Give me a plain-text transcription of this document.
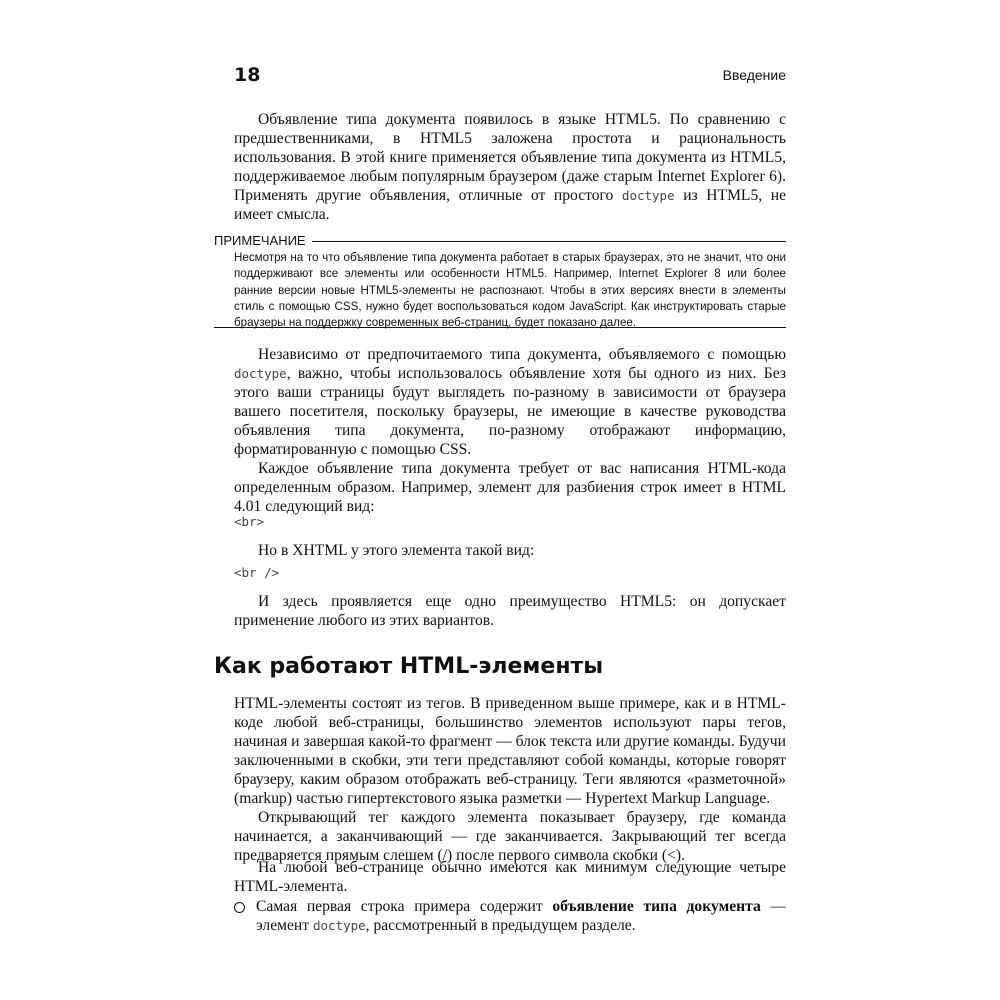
18	Введение

Объявление типа документа появилось в языке HTML5. По сравнению с предшественниками, в HTML5 заложена простота и рациональность использования. В этой книге применяется объявление типа документа из HTML5, поддерживаемое любым популярным браузером (даже старым Internet Explorer 6). Применять другие объявления, отличные от простого doctype из HTML5, не имеет смысла.

ПРИМЕЧАНИЕ

Несмотря на то что объявление типа документа работает в старых браузерах, это не значит, что они поддерживают все элементы или особенности HTML5. Например, Internet Explorer 8 или более ранние версии новые HTML5-элементы не распознают. Чтобы в этих версиях внести в элементы стиль с помощью CSS, нужно будет воспользоваться кодом JavaScript. Как инструктировать старые браузеры на поддержку современных веб-страниц, будет показано далее.

Независимо от предпочитаемого типа документа, объявляемого с помощью doctype, важно, чтобы использовалось объявление хотя бы одного из них. Без этого ваши страницы будут выглядеть по-разному в зависимости от браузера вашего посетителя, поскольку браузеры, не имеющие в качестве руководства объявления типа документа, по-разному отображают информацию, форматированную с помощью CSS.

Каждое объявление типа документа требует от вас написания HTML-кода определенным образом. Например, элемент для разбиения строк имеет в HTML 4.01 следующий вид:

<br>

Но в XHTML у этого элемента такой вид:

<br />

И здесь проявляется еще одно преимущество HTML5: он допускает применение любого из этих вариантов.

Как работают HTML-элементы

HTML-элементы состоят из тегов. В приведенном выше примере, как и в HTML-коде любой веб-страницы, большинство элементов используют пары тегов, начиная и завершая какой-то фрагмент — блок текста или другие команды. Будучи заключенными в скобки, эти теги представляют собой команды, которые говорят браузеру, каким образом отображать веб-страницу. Теги являются «разметочной» (markup) частью гипертекстового языка разметки — Hypertext Markup Language.

Открывающий тег каждого элемента показывает браузеру, где команда начинается, а заканчивающий — где заканчивается. Закрывающий тег всегда предваряется прямым слешем (/) после первого символа скобки (<).

На любой веб-странице обычно имеются как минимум следующие четыре HTML-элемента.

Самая первая строка примера содержит объявление типа документа — элемент doctype, рассмотренный в предыдущем разделе.
